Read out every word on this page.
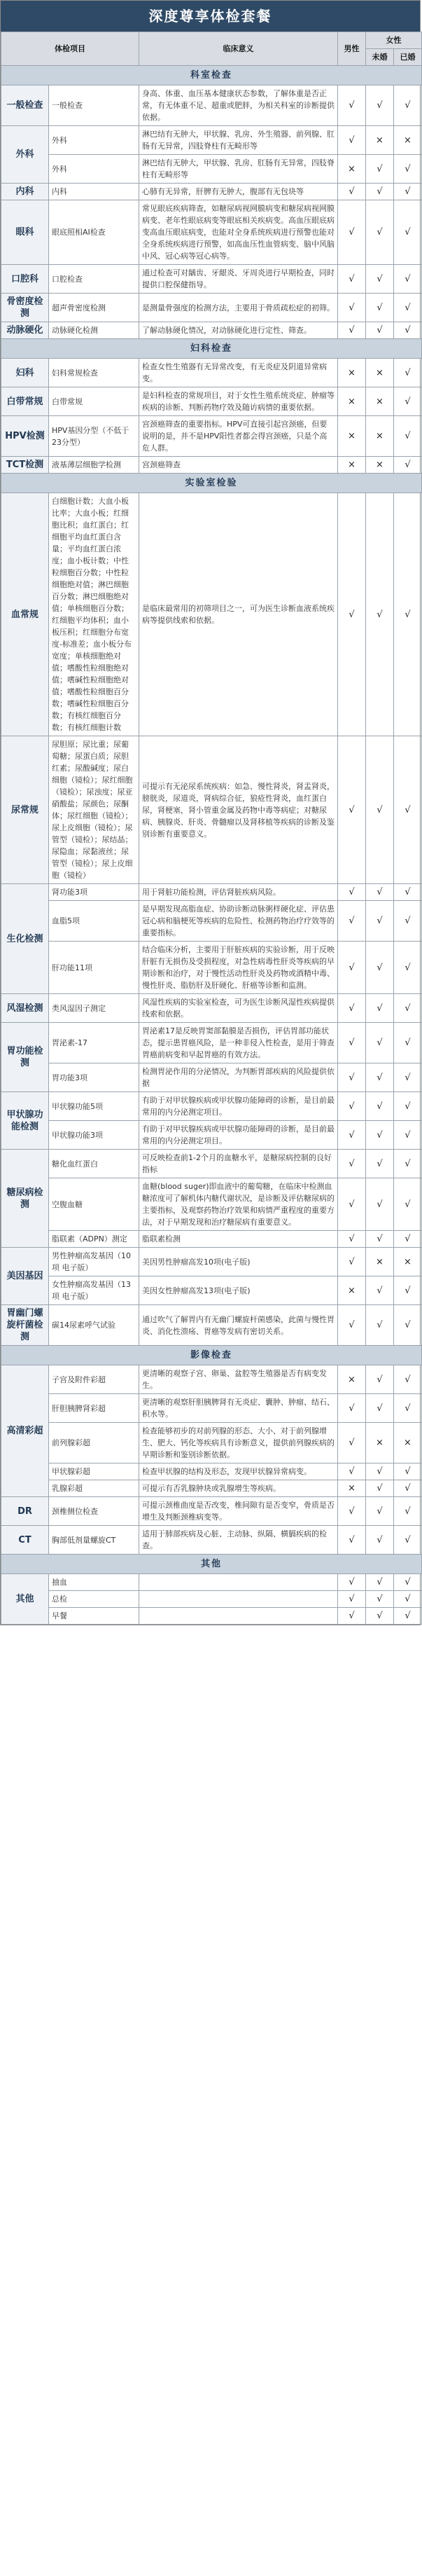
深度尊享体检套餐
体检项目		临床意义	男性	女性	
				未婚	已婚
科室检查					
一般检查	一般检查	身高、体重、血压基本健康状态参数，了解体重是否正常，有无体重不足、超重或肥胖，为相关科室的诊断提供依据。	√	√	√
外科	外科	淋巴结有无肿大，甲状腺、乳房、外生殖器、前列腺、肛肠有无异常，四肢脊柱有无畸形等	√	×	×
	外科	淋巴结有无肿大，甲状腺、乳房、肛肠有无异常，四肢脊柱有无畸形等	×	√	√
内科	内科	心肺有无异常，肝脾有无肿大，腹部有无包块等	√	√	√
眼科	眼底照相AI检查	常见眼底疾病筛查，如糖尿病视网膜病变和糖尿病视网膜病变、老年性眼底病变等眼底相关疾病变。高血压眼底病变高血压眼底病变，也能对全身系统疾病进行预警也能对全身系统疾病进行预警，如高血压性血管病变、脑中风脑中风、冠心病等冠心病等。	√	√	√
口腔科	口腔检查	通过检查可对龋齿、牙龈炎、牙周炎进行早期检查，同时提供口腔保健指导。	√	√	√
骨密度检测	超声骨密度检测	是测量骨强度的检测方法，主要用于骨质疏松症的初筛。	√	√	√
动脉硬化	动脉硬化检测	了解动脉硬化情况，对动脉硬化进行定性、筛查。	√	√	√
妇科检查					
妇科	妇科常规检查	检查女性生殖器有无异常改变，有无炎症及阴道异常病变。	×	×	√
白带常规	白带常规	是妇科检查的常规项目，对于女性生殖系统炎症、肿瘤等疾病的诊断、判断药物疗效及随访病情的重要依据。	×	×	√
HPV检测	HPV基因分型（不低于23分型）	宫颈癌筛查的重要指标。HPV可直接引起宫颈癌，但要说明的是，并不是HPV阳性者都会得宫颈癌，只是个高危人群。	×	×	√
TCT检测	液基薄层细胞学检测	宫颈癌筛查	×	×	√
实验室检验					
血常规	白细胞计数；大血小板比率；大血小板；红细胞比积；血红蛋白；红细胞平均血红蛋白含量；平均血红蛋白浓度；血小板计数；中性粒细胞百分数；中性粒细胞绝对值；淋巴细胞百分数；淋巴细胞绝对值；单核细胞百分数；红细胞平均体积；血小板压积；红细胞分布宽度-标准差；血小板分布宽度；单核细胞绝对值；嗜酸性粒细胞绝对值；嗜碱性粒细胞绝对值；嗜酸性粒细胞百分数；嗜碱性粒细胞百分数；有核红细胞百分数；有核红细胞计数	是临床最常用的初筛项目之一，可为医生诊断血液系统疾病等提供线索和依据。	√	√	√
尿常规	尿胆原；尿比重；尿葡萄糖；尿蛋白质；尿胆红素；尿酸碱度；尿白细胞（镜检）；尿红细胞（镜检）；尿浊度；尿亚硝酸盐；尿颜色；尿酮体；尿红细胞（镜检）；尿上皮细胞（镜检）；尿管型（镜检）；尿结晶；尿隐血；尿黏液丝；尿管型（镜检）；尿上皮细胞（镜检）	可提示有无泌尿系统疾病：如急、慢性肾炎，肾盂肾炎，膀胱炎，尿道炎，肾病综合征，狼疮性肾炎，血红蛋白尿，肾梗塞，肾小管重金属及药物中毒等病症；对糖尿病、胰腺炎、肝炎、骨髓瘤以及肾移植等疾病的诊断及鉴别诊断有重要意义。	√	√	√
生化检测	肾功能3项	用于肾脏功能检测，评估肾脏疾病风险。	√	√	√
	血脂5项	是早期发现高脂血症、协助诊断动脉粥样硬化症、评估患冠心病和脑梗死等疾病的危险性、检测药物治疗疗效等的重要指标。	√	√	√
	肝功能11项	结合临床分析，主要用于肝脏疾病的实验诊断，用于反映肝脏有无损伤及受损程度，对急性病毒性肝炎等疾病的早期诊断和治疗，对于慢性活动性肝炎及药物或酒精中毒、慢性肝炎、脂肪肝及肝硬化、肝癌等诊断和监测。	√	√	√
风湿检测	类风湿因子测定	风湿性疾病的实验室检查，可为医生诊断风湿性疾病提供线索和依据。	√	√	√
胃功能检测	胃泌素-17	胃泌素17是反映胃窦部黏膜是否损伤，评估胃部功能状态，提示患胃癌风险，是一种非侵入性检查，是用于筛查胃癌前病变和早起胃癌的有效方法。	√	√	√
	胃功能3项	检测胃泌作用的分泌情况，为判断胃部疾病的风险提供依据	√	√	√
甲状腺功能检测	甲状腺功能5项	有助于对甲状腺疾病或甲状腺功能障碍的诊断，是目前最常用的内分泌测定项目。	√	√	√
	甲状腺功能3项	有助于对甲状腺疾病或甲状腺功能障碍的诊断，是目前最常用的内分泌测定项目。	√	√	√
糖尿病检测	糖化血红蛋白	可反映检查前1-2个月的血糖水平，是糖尿病控制的良好指标	√	√	√
	空腹血糖	血糖(blood suger)即血液中的葡萄糖，在临床中检测血糖浓度可了解机体内糖代谢状况，是诊断及评估糖尿病的主要指标，及观察药物治疗效果和病情严重程度的重要方法，对于早期发现和治疗糖尿病有重要意义。	√	√	√
	脂联素（ADPN）测定	脂联素检测	√	√	√
美因基因	男性肿瘤高发基因（10项 电子版）	美因男性肿瘤高发10项(电子版)	√	×	×
	女性肿瘤高发基因（13项 电子版）	美因女性肿瘤高发13项(电子版)	×	√	√
胃幽门螺旋杆菌检测	碳14尿素呼气试验	通过吹气了解胃内有无幽门螺旋杆菌感染，此菌与慢性胃炎、消化性溃疡、胃癌等发病有密切关系。	√	√	√
影像检查					
高清彩超	子宫及附件彩超	更清晰的观察子宫、卵巢、盆腔等生殖器是否有病变发生。	×	√	√
	肝胆胰脾肾彩超	更清晰的观察肝胆胰脾肾有无炎症、囊肿、肿瘤、结石、积水等。	√	√	√
	前列腺彩超	检查能够初步的对前列腺的形态、大小、对于前列腺增生、肥大、钙化等疾病具有诊断意义，提供前列腺疾病的早期诊断和鉴别诊断依据。	√	×	×
	甲状腺彩超	检查甲状腺的结构及形态，发现甲状腺异常病变。	√	√	√
	乳腺彩超	可提示有否乳腺肿块或乳腺增生等疾病。	×	√	√
DR	颈椎侧位检查	可提示颈椎曲度是否改变，椎间隙有是否变窄，骨质是否增生及判断颈椎病变等。	√	√	√
CT	胸部低剂量螺旋CT	适用于肺部疾病及心脏、主动脉、纵隔、横膈疾病的检查。	√	√	√
其他					
其他	抽血		√	√	√
	总检		√	√	√
	早餐		√	√	√
